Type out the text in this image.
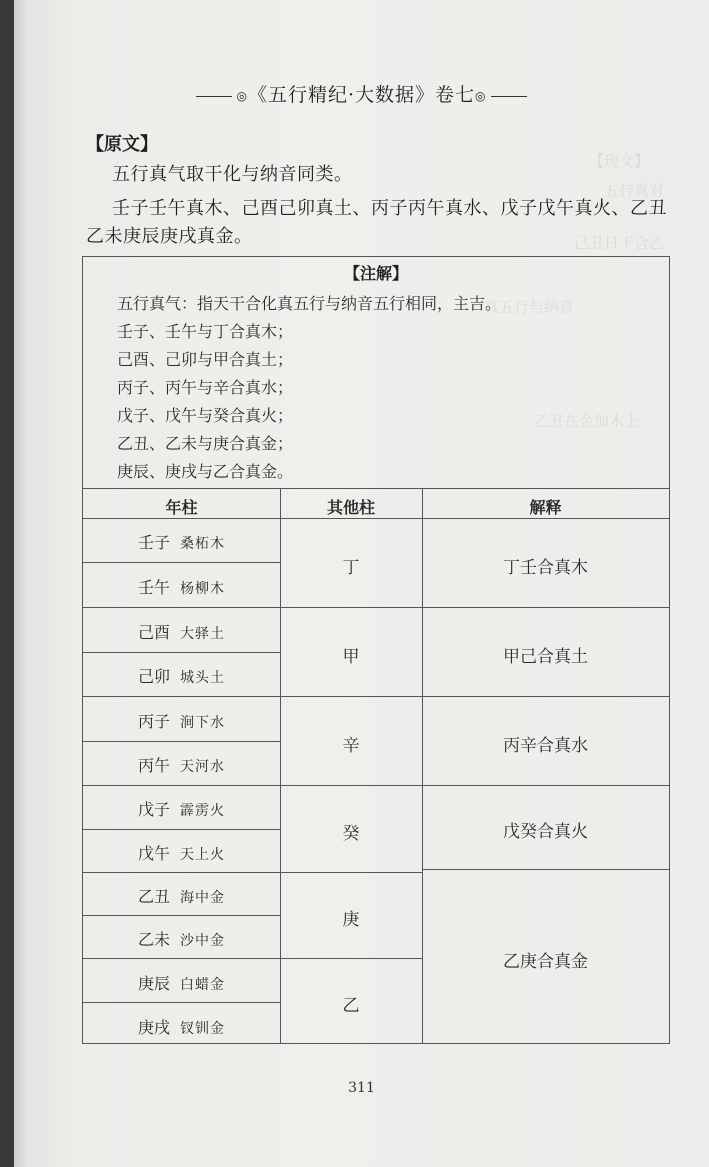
【现文】
五行真对
己丑日干合乙
真五行与纳音
乙丑在金加木上
◎《五行精纪·大数据》卷七◎
【原文】
五行真气取干化与纳音同类。
壬子壬午真木、己酉己卯真土、丙子丙午真水、戊子戊午真火、乙丑
乙未庚辰庚戌真金。
【注解】
五行真气：指天干合化真五行与纳音五行相同，主吉。
壬子、壬午与丁合真木；
己酉、己卯与甲合真土；
丙子、丙午与辛合真水；
戊子、戊午与癸合真火；
乙丑、乙未与庚合真金；
庚辰、庚戌与乙合真金。
年柱	其他柱	解释
壬子 桑柘木
壬午 杨柳木
己酉 大驿土
己卯 城头土
丙子 涧下水
丙午 天河水
戊子 霹雳火
戊午 天上火
乙丑 海中金
乙未 沙中金
庚辰 白蜡金
庚戌 钗钏金
丁
甲
辛
癸
庚
乙
丁壬合真木
甲己合真土
丙辛合真水
戊癸合真火
乙庚合真金
311
